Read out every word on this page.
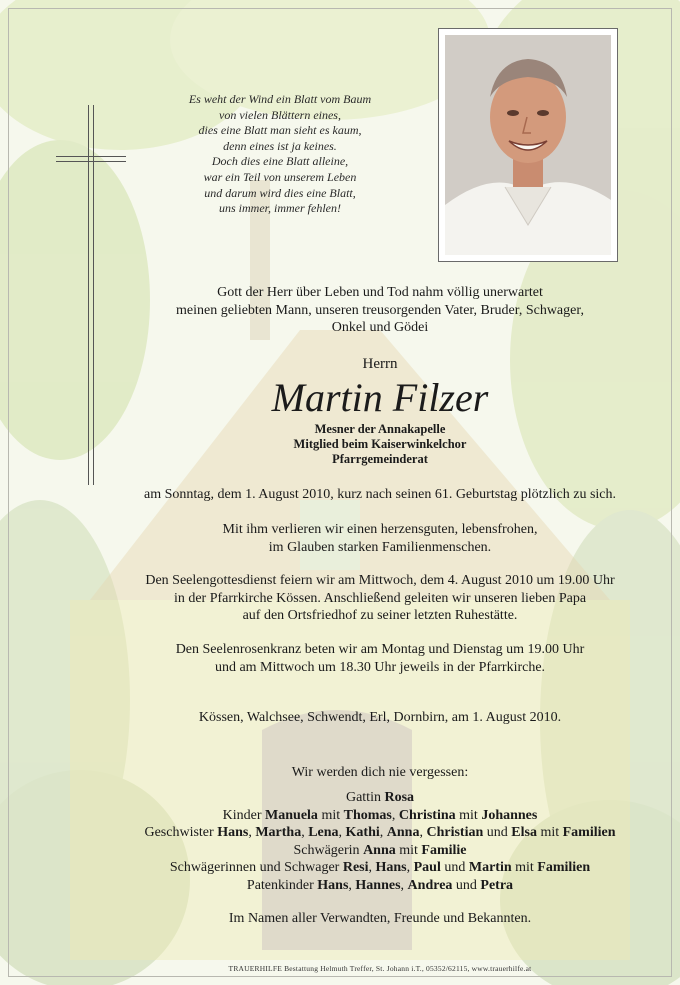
Es weht der Wind ein Blatt vom Baum
von vielen Blättern eines,
dies eine Blatt man sieht es kaum,
denn eines ist ja keines.
Doch dies eine Blatt alleine,
war ein Teil von unserem Leben
und darum wird dies eine Blatt,
uns immer, immer fehlen!
Gott der Herr über Leben und Tod nahm völlig unerwartet
meinen geliebten Mann, unseren treusorgenden Vater, Bruder, Schwager,
Onkel und Gödei
Herrn
Martin Filzer
Mesner der Annakapelle
Mitglied beim Kaiserwinkelchor
Pfarrgemeinderat
am Sonntag, dem 1. August 2010, kurz nach seinen 61. Geburtstag plötzlich zu sich.
Mit ihm verlieren wir einen herzensguten, lebensfrohen,
im Glauben starken Familienmenschen.
Den Seelengottesdienst feiern wir am Mittwoch, dem 4. August 2010 um 19.00 Uhr
in der Pfarrkirche Kössen. Anschließend geleiten wir unseren lieben Papa
auf den Ortsfriedhof zu seiner letzten Ruhestätte.
Den Seelenrosenkranz beten wir am Montag und Dienstag um 19.00 Uhr
und am Mittwoch um 18.30 Uhr jeweils in der Pfarrkirche.
Kössen, Walchsee, Schwendt, Erl, Dornbirn, am 1. August 2010.
Wir werden dich nie vergessen:
Gattin Rosa
Kinder Manuela mit Thomas, Christina mit Johannes
Geschwister Hans, Martha, Lena, Kathi, Anna, Christian und Elsa mit Familien
Schwägerin Anna mit Familie
Schwägerinnen und Schwager Resi, Hans, Paul und Martin mit Familien
Patenkinder Hans, Hannes, Andrea und Petra
Im Namen aller Verwandten, Freunde und Bekannten.
TRAUERHILFE Bestattung Helmuth Treffer, St. Johann i.T., 05352/62115, www.trauerhilfe.at
